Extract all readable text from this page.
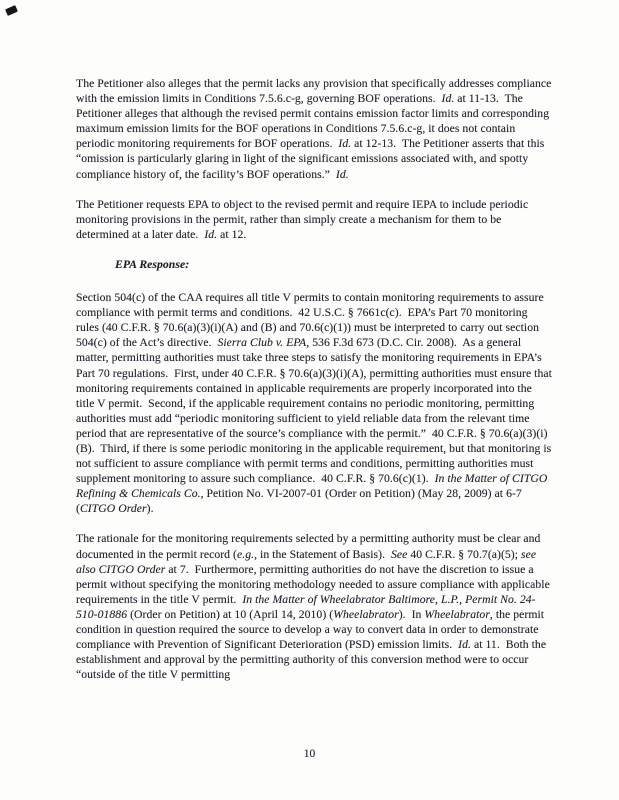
The Petitioner also alleges that the permit lacks any provision that specifically addresses compliance with the emission limits in Conditions 7.5.6.c-g, governing BOF operations.  Id. at 11-13.  The Petitioner alleges that although the revised permit contains emission factor limits and corresponding maximum emission limits for the BOF operations in Conditions 7.5.6.c-g, it does not contain periodic monitoring requirements for BOF operations.  Id. at 12-13.  The Petitioner asserts that this “omission is particularly glaring in light of the significant emissions associated with, and spotty compliance history of, the facility’s BOF operations.”  Id.

The Petitioner requests EPA to object to the revised permit and require IEPA to include periodic monitoring provisions in the permit, rather than simply create a mechanism for them to be determined at a later date.  Id. at 12.

EPA Response:

Section 504(c) of the CAA requires all title V permits to contain monitoring requirements to assure compliance with permit terms and conditions.  42 U.S.C. § 7661c(c).  EPA’s Part 70 monitoring rules (40 C.F.R. § 70.6(a)(3)(i)(A) and (B) and 70.6(c)(1)) must be interpreted to carry out section 504(c) of the Act’s directive.  Sierra Club v. EPA, 536 F.3d 673 (D.C. Cir. 2008).  As a general matter, permitting authorities must take three steps to satisfy the monitoring requirements in EPA’s Part 70 regulations.  First, under 40 C.F.R. § 70.6(a)(3)(i)(A), permitting authorities must ensure that monitoring requirements contained in applicable requirements are properly incorporated into the title V permit.  Second, if the applicable requirement contains no periodic monitoring, permitting authorities must add “periodic monitoring sufficient to yield reliable data from the relevant time period that are representative of the source’s compliance with the permit.”  40 C.F.R. § 70.6(a)(3)(i)(B).  Third, if there is some periodic monitoring in the applicable requirement, but that monitoring is not sufficient to assure compliance with permit terms and conditions, permitting authorities must supplement monitoring to assure such compliance.  40 C.F.R. § 70.6(c)(1).  In the Matter of CITGO Refining & Chemicals Co., Petition No. VI-2007-01 (Order on Petition) (May 28, 2009) at 6-7 (CITGO Order).

The rationale for the monitoring requirements selected by a permitting authority must be clear and documented in the permit record (e.g., in the Statement of Basis).  See 40 C.F.R. § 70.7(a)(5); see also CITGO Order at 7.  Furthermore, permitting authorities do not have the discretion to issue a permit without specifying the monitoring methodology needed to assure compliance with applicable requirements in the title V permit.  In the Matter of Wheelabrator Baltimore, L.P., Permit No. 24-510-01886 (Order on Petition) at 10 (April 14, 2010) (Wheelabrator).  In Wheelabrator, the permit condition in question required the source to develop a way to convert data in order to demonstrate compliance with Prevention of Significant Deterioration (PSD) emission limits.  Id. at 11.  Both the establishment and approval by the permitting authority of this conversion method were to occur “outside of the title V permitting

10
